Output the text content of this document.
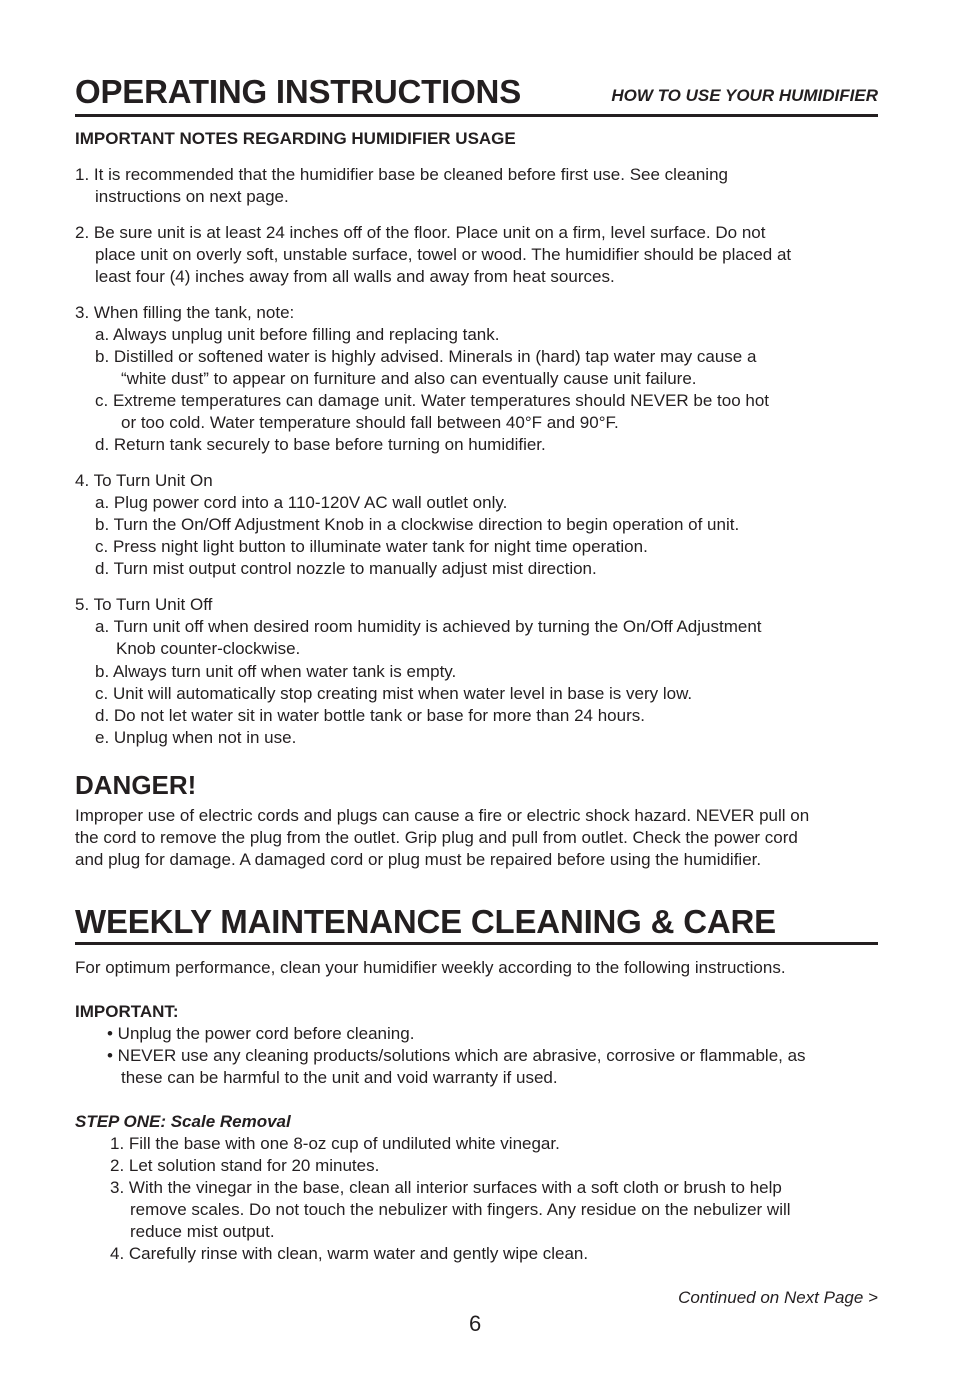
OPERATING INSTRUCTIONS	HOW TO USE YOUR HUMIDIFIER
IMPORTANT NOTES REGARDING HUMIDIFIER USAGE
1. It is recommended that the humidifier base be cleaned before first use. See cleaning
instructions on next page.
2. Be sure unit is at least 24 inches off of the floor. Place unit on a firm, level surface. Do not
place unit on overly soft, unstable surface, towel or wood. The humidifier should be placed at
least four (4) inches away from all walls and away from heat sources.
3. When filling the tank, note:
a. Always unplug unit before filling and replacing tank.
b. Distilled or softened water is highly advised. Minerals in (hard) tap water may cause a
“white dust” to appear on furniture and also can eventually cause unit failure.
c. Extreme temperatures can damage unit. Water temperatures should NEVER be too hot
or too cold. Water temperature should fall between 40°F and 90°F.
d. Return tank securely to base before turning on humidifier.
4. To Turn Unit On
a. Plug power cord into a 110-120V AC wall outlet only.
b. Turn the On/Off Adjustment Knob in a clockwise direction to begin operation of unit.
c. Press night light button to illuminate water tank for night time operation.
d. Turn mist output control nozzle to manually adjust mist direction.
5. To Turn Unit Off
a. Turn unit off when desired room humidity is achieved by turning the On/Off Adjustment
Knob counter-clockwise.
b. Always turn unit off when water tank is empty.
c. Unit will automatically stop creating mist when water level in base is very low.
d. Do not let water sit in water bottle tank or base for more than 24 hours.
e. Unplug when not in use.
DANGER!
Improper use of electric cords and plugs can cause a fire or electric shock hazard. NEVER pull on
the cord to remove the plug from the outlet. Grip plug and pull from outlet. Check the power cord
and plug for damage. A damaged cord or plug must be repaired before using the humidifier.
WEEKLY MAINTENANCE CLEANING & CARE
For optimum performance, clean your humidifier weekly according to the following instructions.
IMPORTANT:
• Unplug the power cord before cleaning.
• NEVER use any cleaning products/solutions which are abrasive, corrosive or flammable, as
these can be harmful to the unit and void warranty if used.
STEP ONE: Scale Removal
1. Fill the base with one 8-oz cup of undiluted white vinegar.
2. Let solution stand for 20 minutes.
3. With the vinegar in the base, clean all interior surfaces with a soft cloth or brush to help
remove scales. Do not touch the nebulizer with fingers. Any residue on the nebulizer will
reduce mist output.
4. Carefully rinse with clean, warm water and gently wipe clean.
Continued on Next Page >
6
